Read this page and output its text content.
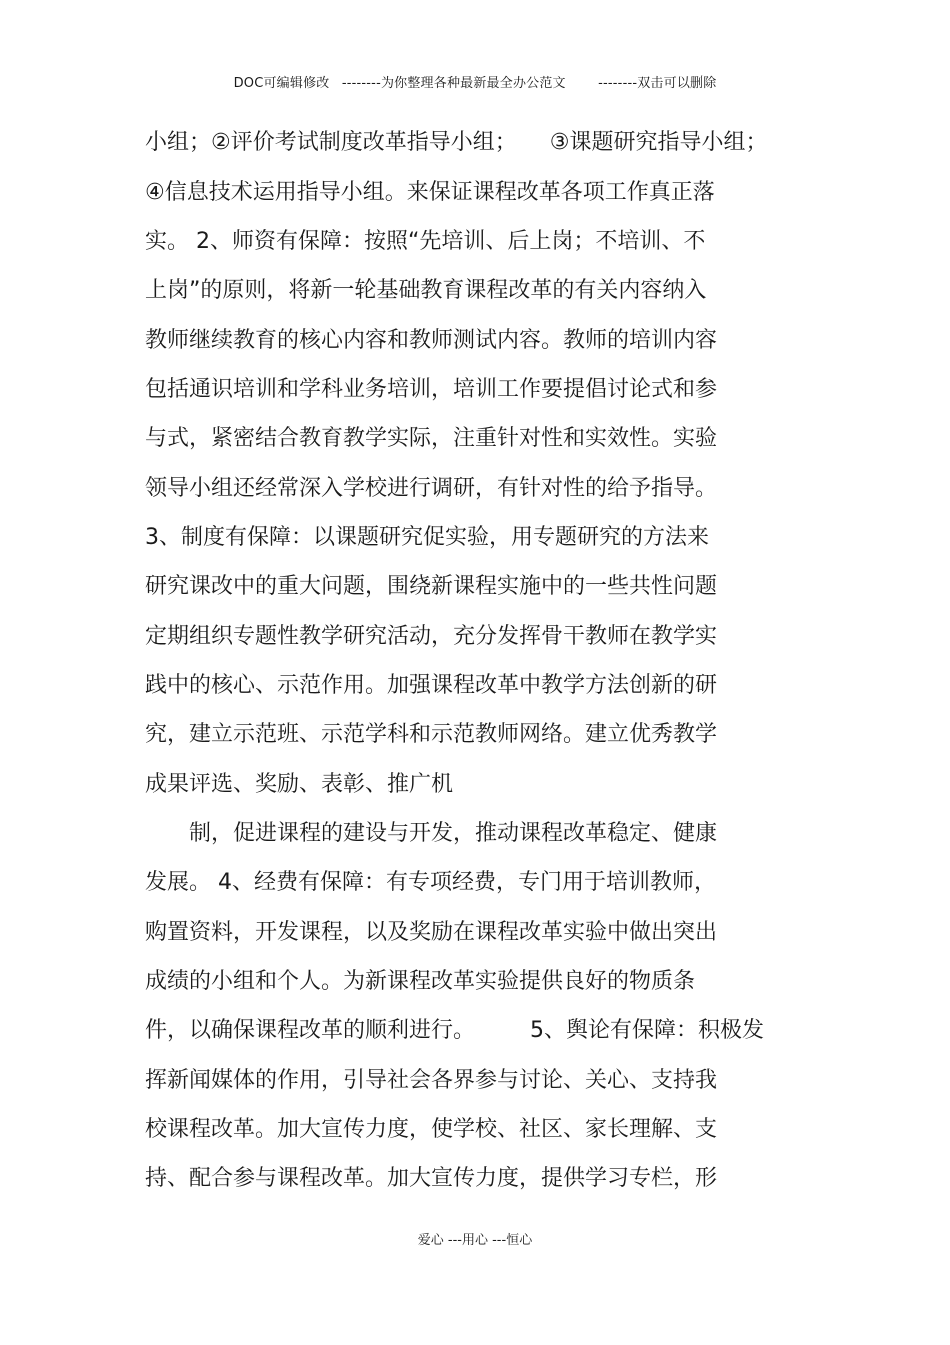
DOC可编辑修改 --------为你整理各种最新最全办公范文 --------双击可以删除
小组；②评价考试制度改革指导小组；　　③课题研究指导小组；
④信息技术运用指导小组。来保证课程改革各项工作真正落
实。 2、师资有保障：按照“先培训、后上岗；不培训、不
上岗”的原则，将新一轮基础教育课程改革的有关内容纳入
教师继续教育的核心内容和教师测试内容。教师的培训内容
包括通识培训和学科业务培训，培训工作要提倡讨论式和参
与式，紧密结合教育教学实际，注重针对性和实效性。实验
领导小组还经常深入学校进行调研，有针对性的给予指导。
3、制度有保障：以课题研究促实验，用专题研究的方法来
研究课改中的重大问题，围绕新课程实施中的一些共性问题
定期组织专题性教学研究活动，充分发挥骨干教师在教学实
践中的核心、示范作用。加强课程改革中教学方法创新的研
究，建立示范班、示范学科和示范教师网络。建立优秀教学
成果评选、奖励、表彰、推广机
　　制，促进课程的建设与开发，推动课程改革稳定、健康
发展。 4、经费有保障：有专项经费，专门用于培训教师，
购置资料，开发课程，以及奖励在课程改革实验中做出突出
成绩的小组和个人。为新课程改革实验提供良好的物质条
件，以确保课程改革的顺利进行。　　　5、舆论有保障：积极发
挥新闻媒体的作用，引导社会各界参与讨论、关心、支持我
校课程改革。加大宣传力度，使学校、社区、家长理解、支
持、配合参与课程改革。加大宣传力度，提供学习专栏，形
爱心 ---用心 ---恒心
